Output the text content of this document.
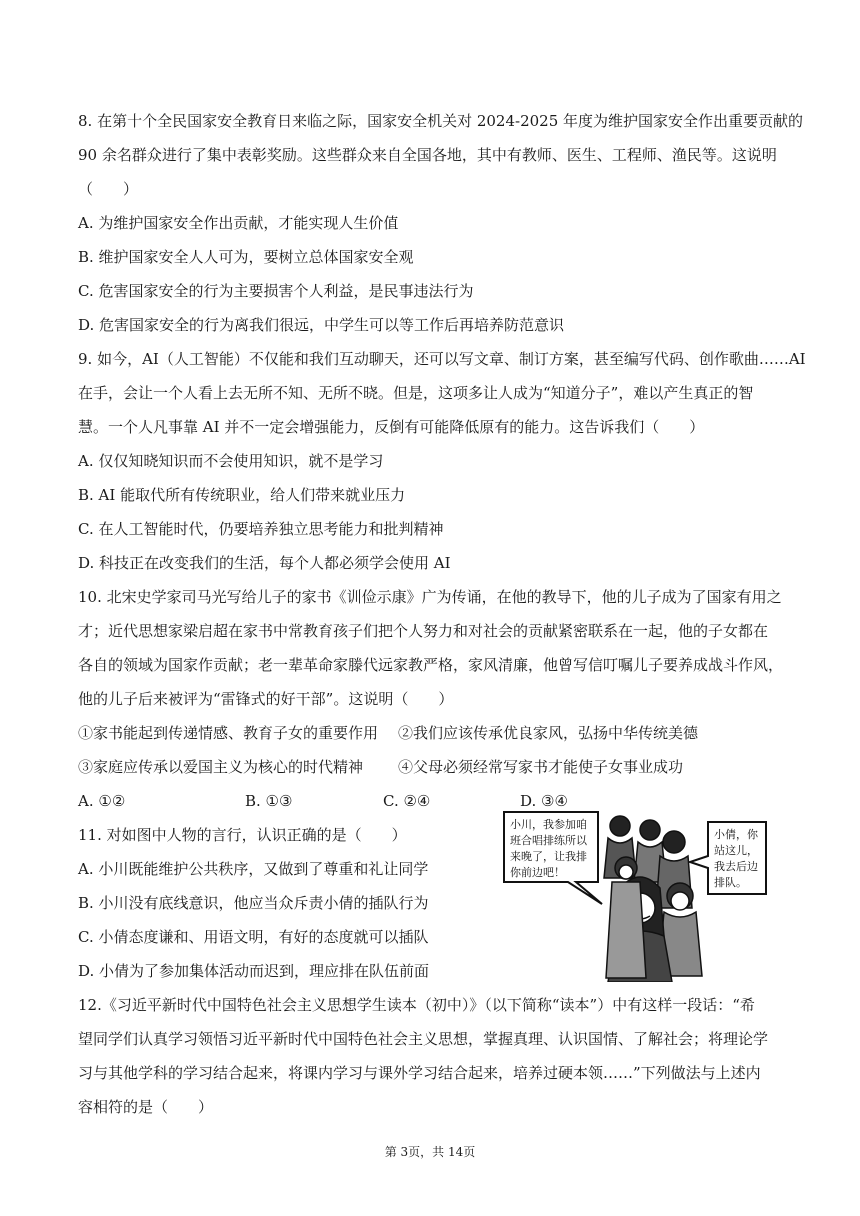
8. 在第十个全民国家安全教育日来临之际，国家安全机关对 2024-2025 年度为维护国家安全作出重要贡献的
90 余名群众进行了集中表彰奖励。这些群众来自全国各地，其中有教师、医生、工程师、渔民等。这说明
（　　）
A. 为维护国家安全作出贡献，才能实现人生价值
B. 维护国家安全人人可为，要树立总体国家安全观
C. 危害国家安全的行为主要损害个人利益，是民事违法行为
D. 危害国家安全的行为离我们很远，中学生可以等工作后再培养防范意识
9. 如今，AI（人工智能）不仅能和我们互动聊天，还可以写文章、制订方案，甚至编写代码、创作歌曲……AI
在手，会让一个人看上去无所不知、无所不晓。但是，这项多让人成为“知道分子”，难以产生真正的智
慧。一个人凡事靠 AI 并不一定会增强能力，反倒有可能降低原有的能力。这告诉我们（　　）
A. 仅仅知晓知识而不会使用知识，就不是学习
B. AI 能取代所有传统职业，给人们带来就业压力
C. 在人工智能时代，仍要培养独立思考能力和批判精神
D. 科技正在改变我们的生活，每个人都必须学会使用 AI
10. 北宋史学家司马光写给儿子的家书《训俭示康》广为传诵，在他的教导下，他的儿子成为了国家有用之
才；近代思想家梁启超在家书中常教育孩子们把个人努力和对社会的贡献紧密联系在一起，他的子女都在
各自的领域为国家作贡献；老一辈革命家滕代远家教严格，家风清廉，他曾写信叮嘱儿子要养成战斗作风，
他的儿子后来被评为“雷锋式的好干部”。这说明（　　）
①家书能起到传递情感、教育子女的重要作用 ②我们应该传承优良家风，弘扬中华传统美德
③家庭应传承以爱国主义为核心的时代精神 ④父母必须经常写家书才能使子女事业成功
A. ①②	B. ①③	C. ②④	D. ③④
11. 对如图中人物的言行，认识正确的是（　　）
A. 小川既能维护公共秩序，又做到了尊重和礼让同学
B. 小川没有底线意识，他应当众斥责小倩的插队行为
C. 小倩态度谦和、用语文明，有好的态度就可以插队
D. 小倩为了参加集体活动而迟到，理应排在队伍前面
小川，我参加咱
班合唱排练所以
来晚了，让我排
你前边吧！
小倩，你
站这儿，
我去后边
排队。
12.《习近平新时代中国特色社会主义思想学生读本（初中）》（以下简称“读本”）中有这样一段话：“希
望同学们认真学习领悟习近平新时代中国特色社会主义思想，掌握真理、认识国情、了解社会；将理论学
习与其他学科的学习结合起来，将课内学习与课外学习结合起来，培养过硬本领……”下列做法与上述内
容相符的是（　　）
第 3页，共 14页
